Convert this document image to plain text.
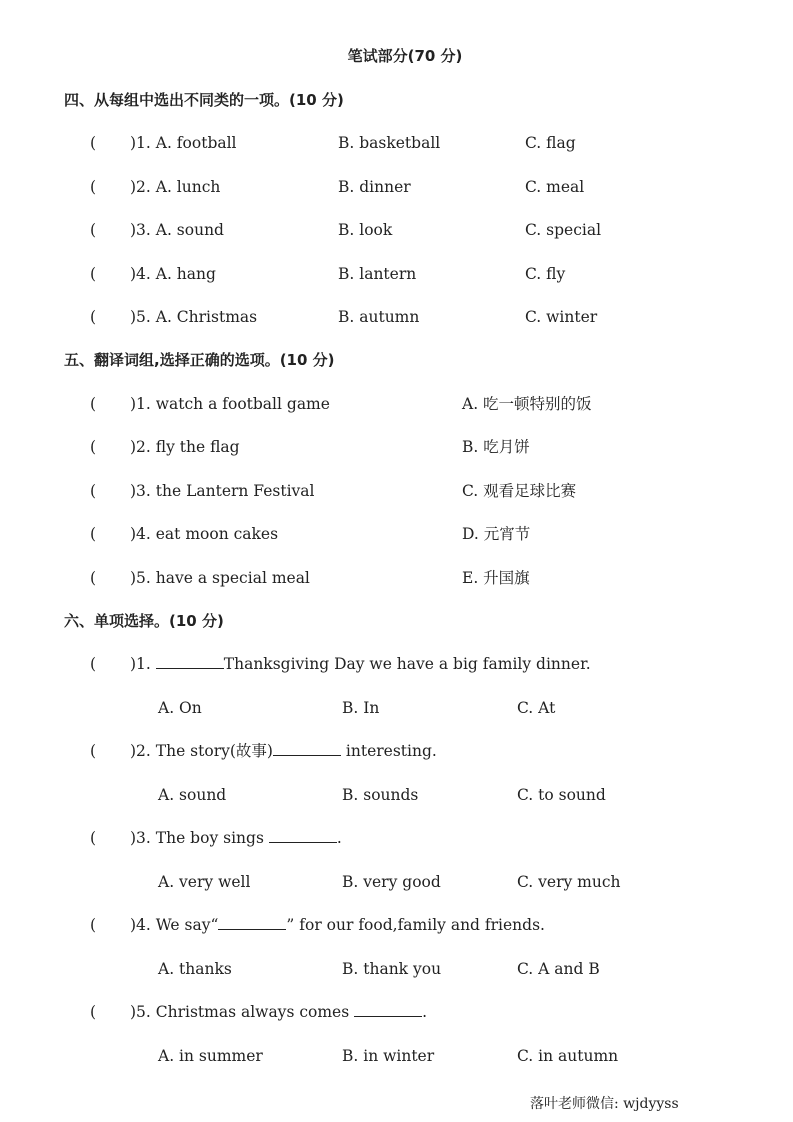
笔试部分(70 分)
四、从每组中选出不同类的一项。(10 分)
( )1. A. football	B. basketball	C. flag
( )2. A. lunch	B. dinner	C. meal
( )3. A. sound	B. look	C. special
( )4. A. hang	B. lantern	C. fly
( )5. A. Christmas	B. autumn	C. winter
五、翻译词组,选择正确的选项。(10 分)
( )1. watch a football game	A. 吃一顿特别的饭
( )2. fly the flag	B. 吃月饼
( )3. the Lantern Festival	C. 观看足球比赛
( )4. eat moon cakes	D. 元宵节
( )5. have a special meal	E. 升国旗
六、单项选择。(10 分)
( )1.	Thanksgiving Day we have a big family dinner.
A. On	B. In	C. At
( )2. The story(故事)	interesting.
A. sound	B. sounds	C. to sound
( )3. The boy sings	.
A. very well	B. very good	C. very much
( )4. We say“	” for our food,family and friends.
A. thanks	B. thank you	C. A and B
( )5. Christmas always comes	.
A. in summer	B. in winter	C. in autumn
落叶老师微信: wjdyyss
